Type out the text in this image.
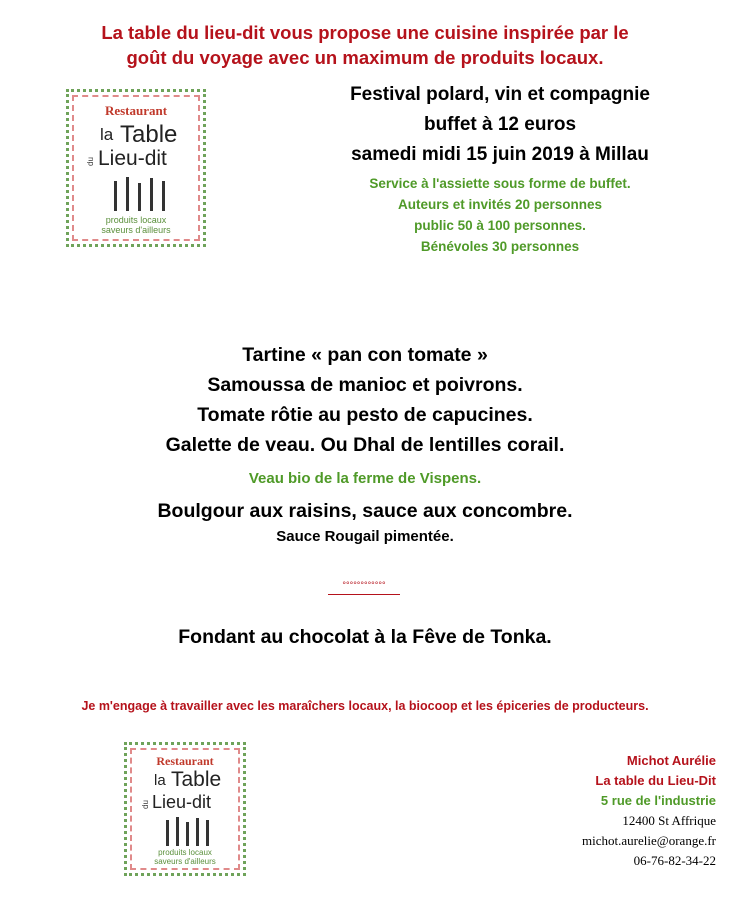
La table du lieu-dit vous propose une cuisine inspirée par le
goût du voyage avec un maximum de produits locaux.
Restaurant
la Table
du Lieu-dit
produits locaux
saveurs d'ailleurs
Festival polard, vin et compagnie
buffet à 12 euros
samedi midi 15 juin 2019 à Millau
Service à l'assiette sous forme de buffet.
Auteurs et invités 20 personnes
public 50 à 100 personnes.
Bénévoles 30 personnes
Tartine « pan con tomate »
Samoussa de manioc et poivrons.
Tomate rôtie au pesto de capucines.
Galette de veau. Ou Dhal de lentilles corail.
Veau bio de la ferme de Vispens.
Boulgour aux raisins, sauce aux concombre.
Sauce Rougail pimentée.
°°°°°°°°°°°°
Fondant au chocolat à la Fêve de Tonka.
Je m'engage à travailler avec les maraîchers locaux, la biocoop et les épiceries de producteurs.
Restaurant
la Table
du Lieu-dit
produits locaux
saveurs d'ailleurs
Michot Aurélie
La table du Lieu-Dit
5 rue de l'industrie
12400 St Affrique
michot.aurelie@orange.fr
06-76-82-34-22
